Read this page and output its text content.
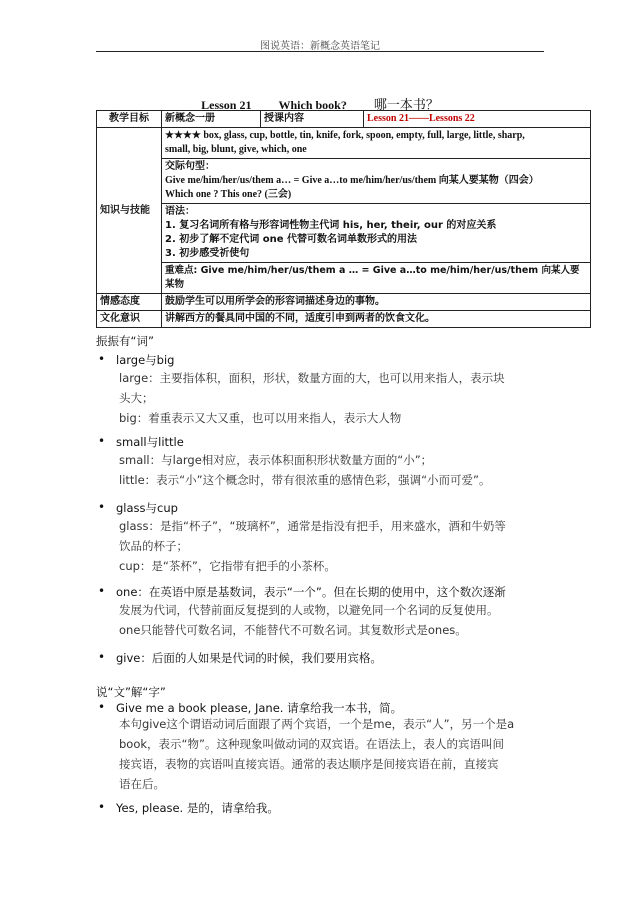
图说英语：新概念英语笔记
Lesson 21 Which book? 哪一本书？
教学目标	新概念一册	授课内容	Lesson 21——Lessons 22
知识与技能	★★★★ box, glass, cup, bottle, tin, knife, fork, spoon, empty, full, large, little, sharp,
small, big, blunt, give, which, one		

	交际句型：
Give me/him/her/us/them a… = Give a…to me/him/her/us/them 向某人要某物（四会）
Which one ? This one? (三会)		

	语法：
1. 复习名词所有格与形容词性物主代词 his, her, their, our 的对应关系
2. 初步了解不定代词 one 代替可数名词单数形式的用法
3. 初步感受祈使句		

	重难点: Give me/him/her/us/them a … = Give a…to me/him/her/us/them 向某人要某物		
情感态度	鼓励学生可以用所学会的形容词描述身边的事物。		
文化意识	讲解西方的餐具同中国的不同，适度引申到两者的饮食文化。		
振振有“词”
• large与big

large：主要指体积，面积，形状，数量方面的大，也可以用来指人，表示块

头大；

big：着重表示又大又重，也可以用来指人，表示大人物

• small与little

small：与large相对应，表示体积面积形状数量方面的“小”；

little：表示“小”这个概念时，带有很浓重的感情色彩，强调“小而可爱”。

• glass与cup

glass：是指“杯子”，“玻璃杯”，通常是指没有把手，用来盛水，酒和牛奶等

饮品的杯子；

cup：是“茶杯”，它指带有把手的小茶杯。

• one：在英语中原是基数词，表示“一个”。但在长期的使用中，这个数次逐渐

发展为代词，代替前面反复提到的人或物，以避免同一个名词的反复使用。

one只能替代可数名词，不能替代不可数名词。其复数形式是ones。

• give：后面的人如果是代词的时候，我们要用宾格。
说“文”解“字”
• Give me a book please, Jane. 请拿给我一本书，简。

本句give这个谓语动词后面跟了两个宾语，一个是me，表示“人”，另一个是a

book，表示“物”。这种现象叫做动词的双宾语。在语法上，表人的宾语叫间

接宾语，表物的宾语叫直接宾语。通常的表达顺序是间接宾语在前，直接宾

语在后。

• Yes, please. 是的，请拿给我。
